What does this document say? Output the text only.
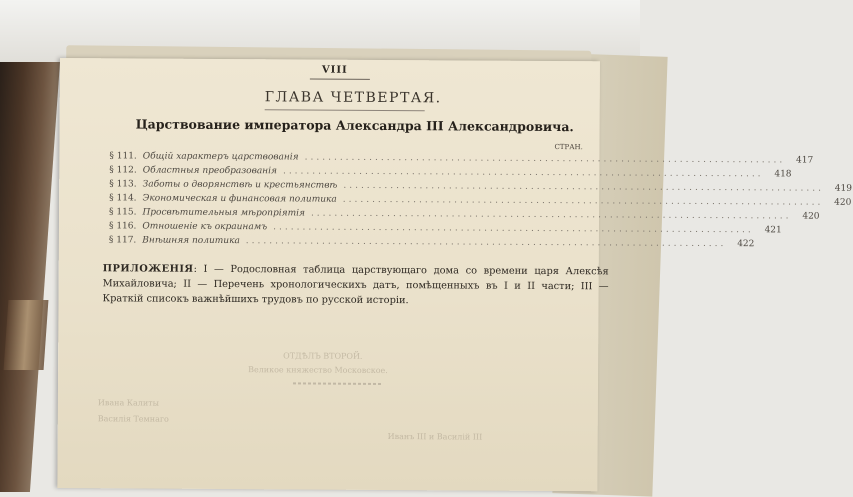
VIII
ГЛАВА ЧЕТВЕРТАЯ.
Царствование императора Александра III Александровича.
СТРАН.
§ 111. Общій характеръ царствованія ..................................................................................	417
§ 112. Областныя преобразованія ..................................................................................	418
§ 113. Заботы о дворянствѣ и крестьянствѣ ..................................................................................	419
§ 114. Экономическая и финансовая политика ..................................................................................	420
§ 115. Просвѣтительныя мѣропріятія ..................................................................................	420
§ 116. Отношеніе къ окраинамъ ..................................................................................	421
§ 117. Внѣшняя политика ..................................................................................	422
ПРИЛОЖЕНІЯ: I — Родословная таблица царствующаго дома со времени царя Алексѣя Михайловича; II — Перечень хронологическихъ датъ, помѣщенныхъ въ I и II части; III — Краткій списокъ важнѣйшихъ трудовъ по русской исторіи.
ОТДѢЛЪ ВТОРОЙ.
Великое княжество Московское.
Ивана Калиты
Василія Темнаго
Иванъ III и Василій III
